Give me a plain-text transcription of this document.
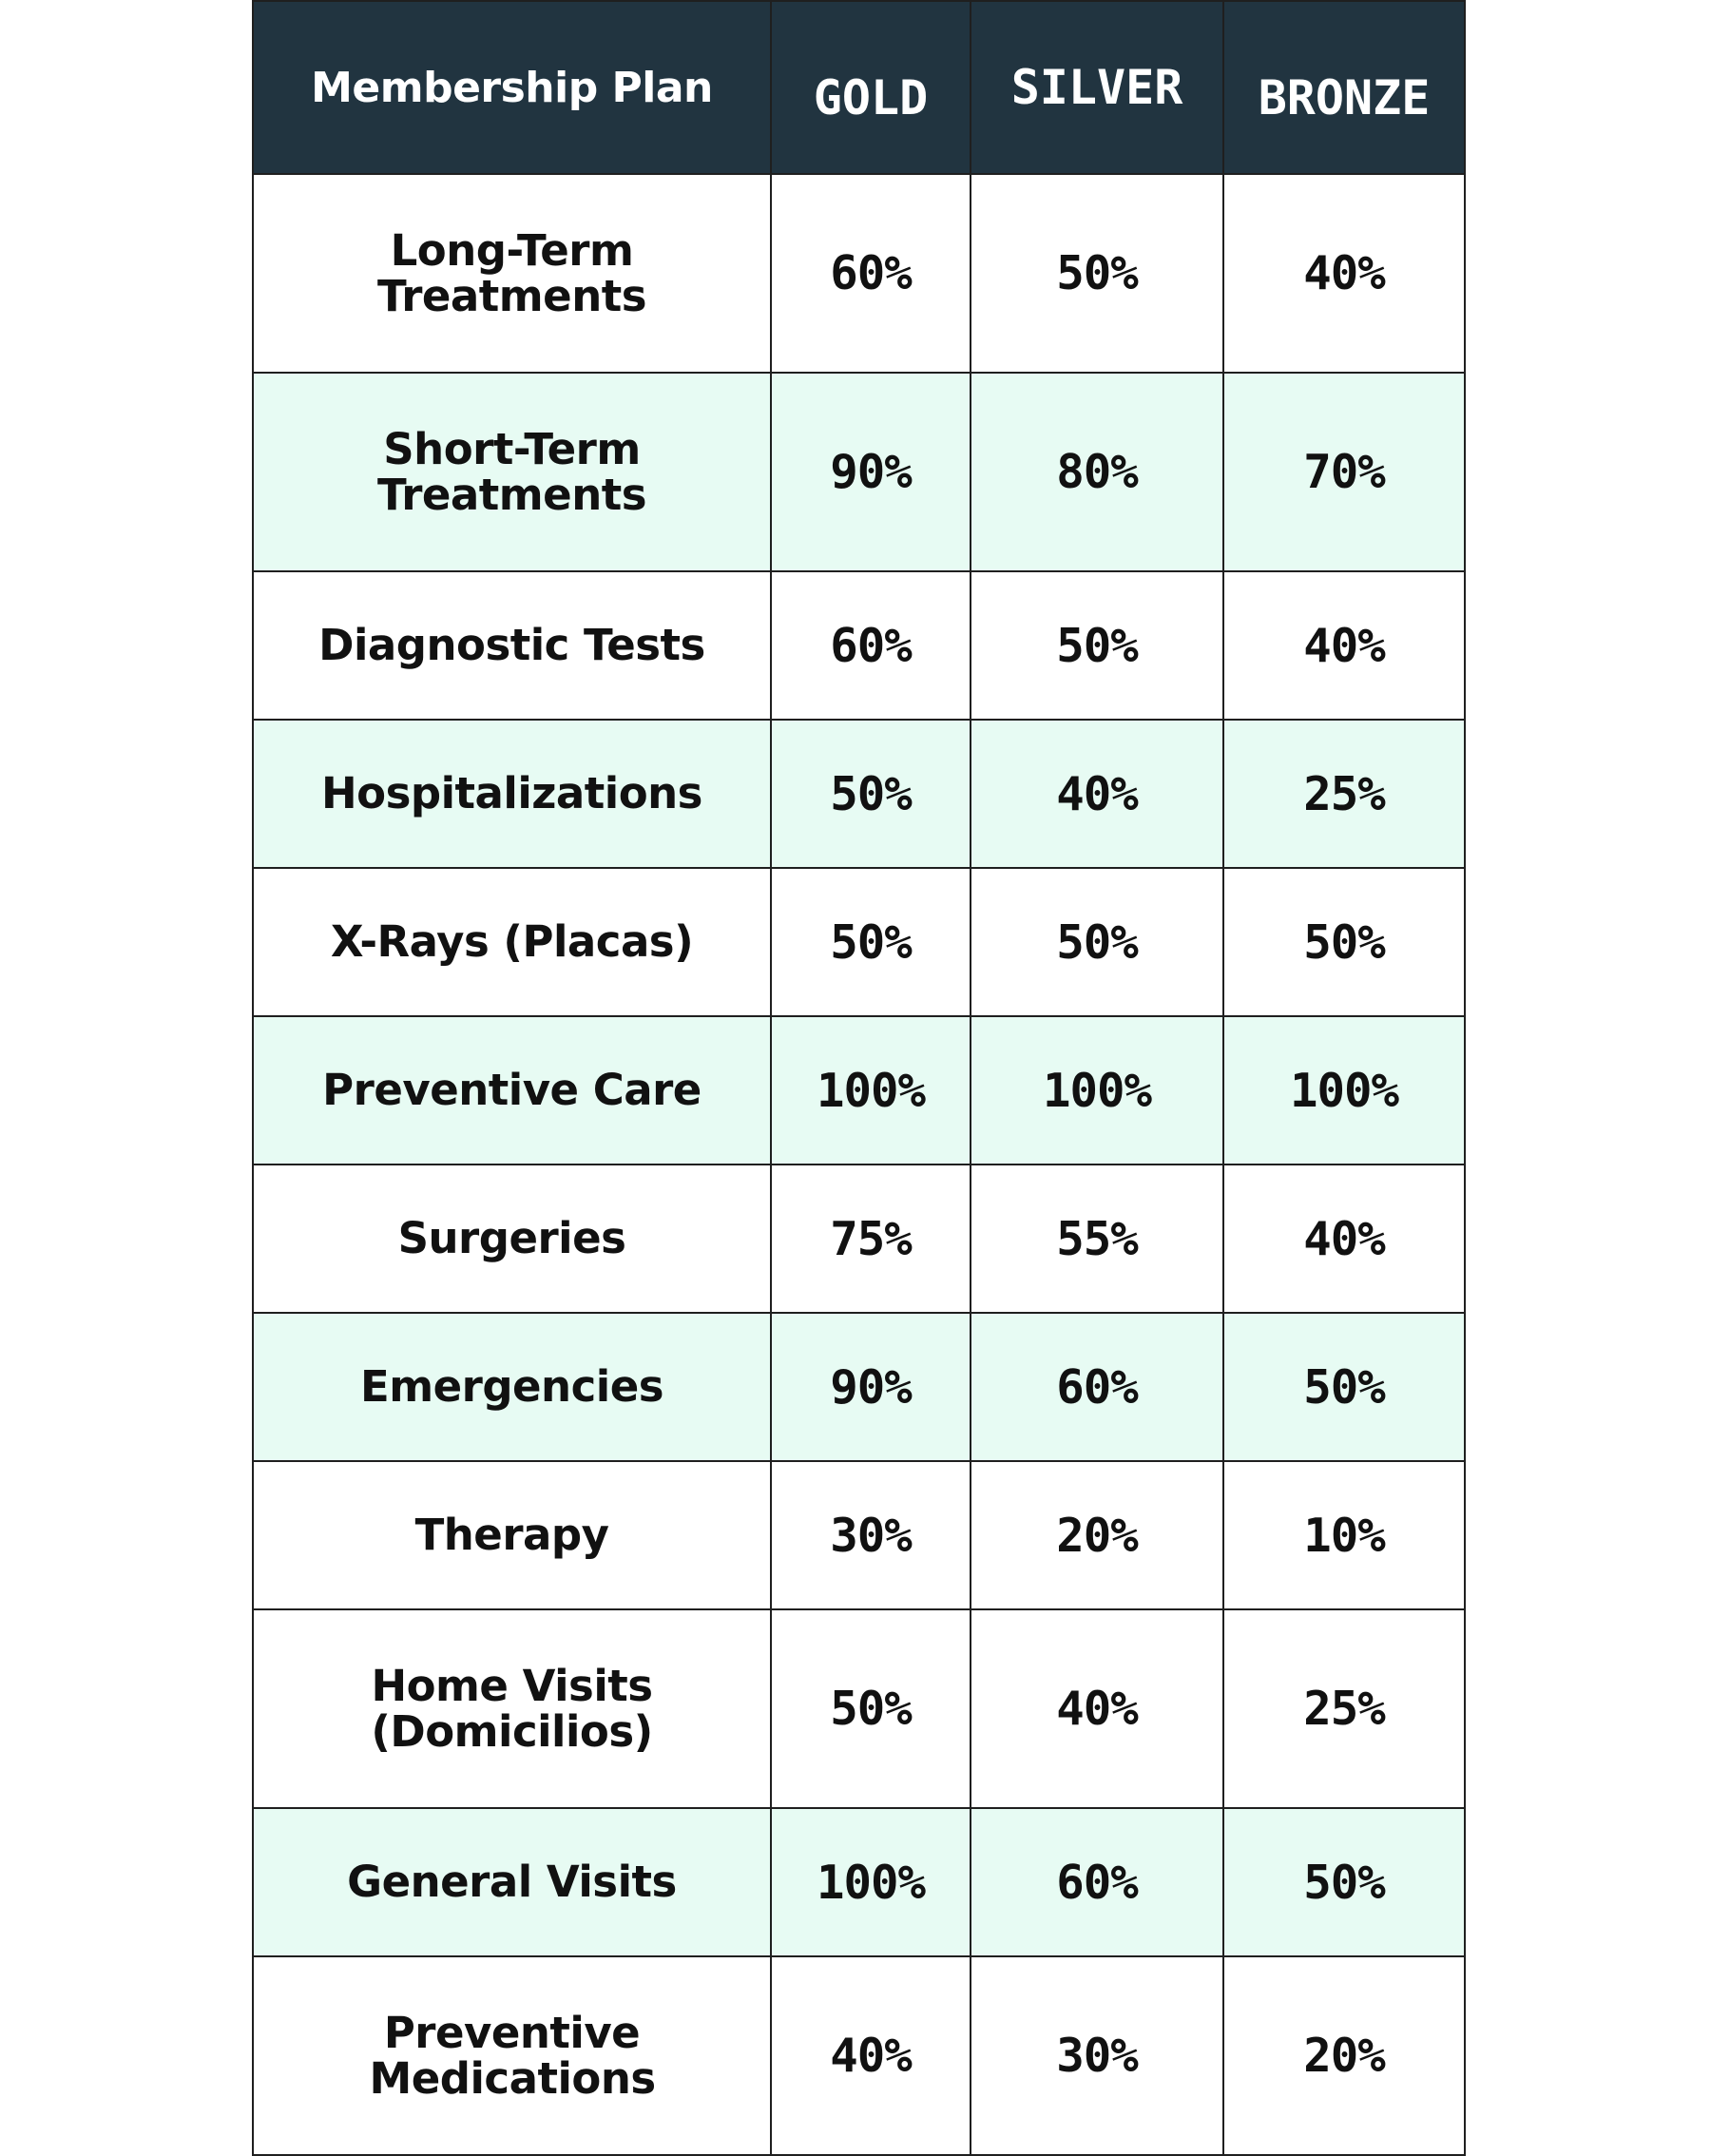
Membership Plan	GOLD	SILVER	BRONZE

Long-Term Treatments	60%	50%	40%

Short-Term Treatments	90%	80%	70%
Diagnostic Tests	60%	50%	40%
Hospitalizations	50%	40%	25%
X-Rays (Placas)	50%	50%	50%
Preventive Care	100%	100%	100%
Surgeries	75%	55%	40%
Emergencies	90%	60%	50%
Therapy	30%	20%	10%

Home Visits (Domicilios)	50%	40%	25%
General Visits	100%	60%	50%

Preventive Medications	40%	30%	20%
